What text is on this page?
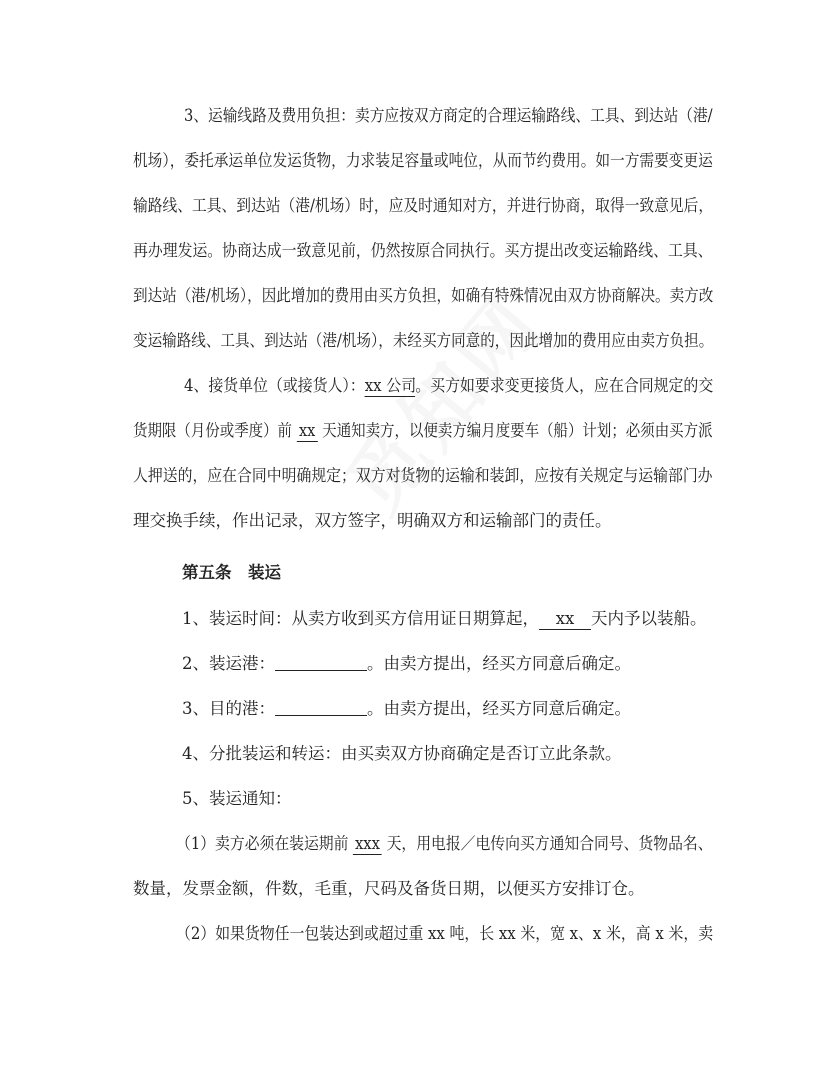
3、运输线路及费用负担：卖方应按双方商定的合理运输路线、工具、到达站（港/
机场），委托承运单位发运货物，力求装足容量或吨位，从而节约费用。如一方需要变更运
输路线、工具、到达站（港/机场）时，应及时通知对方，并进行协商，取得一致意见后，
再办理发运。协商达成一致意见前，仍然按原合同执行。买方提出改变运输路线、工具、
到达站（港/机场），因此增加的费用由买方负担，如确有特殊情况由双方协商解决。卖方改
变运输路线、工具、到达站（港/机场），未经买方同意的，因此增加的费用应由卖方负担。
4、接货单位（或接货人）：xx 公司。买方如要求变更接货人，应在合同规定的交
货期限（月份或季度）前 xx 天通知卖方，以便卖方编月度要车（船）计划；必须由买方派
人押送的，应在合同中明确规定；双方对货物的运输和装卸，应按有关规定与运输部门办
理交换手续，作出记录，双方签字，明确双方和运输部门的责任。
第五条　装运
1、装运时间：从卖方收到买方信用证日期算起， xx 天内予以装船。
2、装运港：	。由卖方提出，经买方同意后确定。
3、目的港：	。由卖方提出，经买方同意后确定。
4、分批装运和转运：由买卖双方协商确定是否订立此条款。
5、装运通知：
（1）卖方必须在装运期前 xxx 天，用电报／电传向买方通知合同号、货物品名、
数量，发票金额，件数，毛重，尺码及备货日期，以便买方安排订仓。
（2）如果货物任一包装达到或超过重 xx 吨，长 xx 米，宽 x、x 米，高 x 米，卖
